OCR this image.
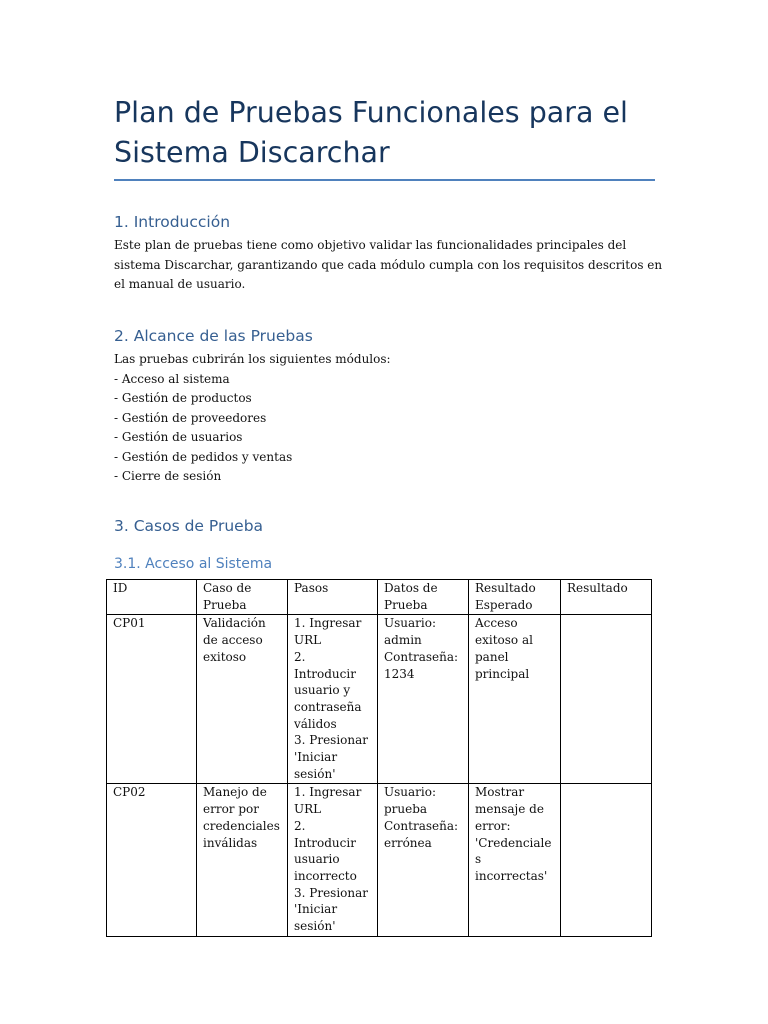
Plan de Pruebas Funcionales para el Sistema Discarchar
1. Introducción

Este plan de pruebas tiene como objetivo validar las funcionalidades principales del sistema Discarchar, garantizando que cada módulo cumpla con los requisitos descritos en el manual de usuario.

2. Alcance de las Pruebas
Las pruebas cubrirán los siguientes módulos:
- Acceso al sistema
- Gestión de productos
- Gestión de proveedores
- Gestión de usuarios
- Gestión de pedidos y ventas
- Cierre de sesión
3. Casos de Prueba
3.1. Acceso al Sistema
ID	Caso de Prueba	Pasos	Datos de Prueba	Resultado Esperado	Resultado
CP01	Validación de acceso exitoso	1. Ingresar URL
2. Introducir usuario y contraseña válidos
3. Presionar 'Iniciar sesión'	Usuario: admin
Contraseña: 1234	Acceso exitoso al panel principal	
CP02	Manejo de error por credenciales inválidas	1. Ingresar URL
2. Introducir usuario incorrecto
3. Presionar 'Iniciar sesión'	Usuario: prueba
Contraseña: errónea	Mostrar mensaje de error: 'Credenciales incorrectas'	
